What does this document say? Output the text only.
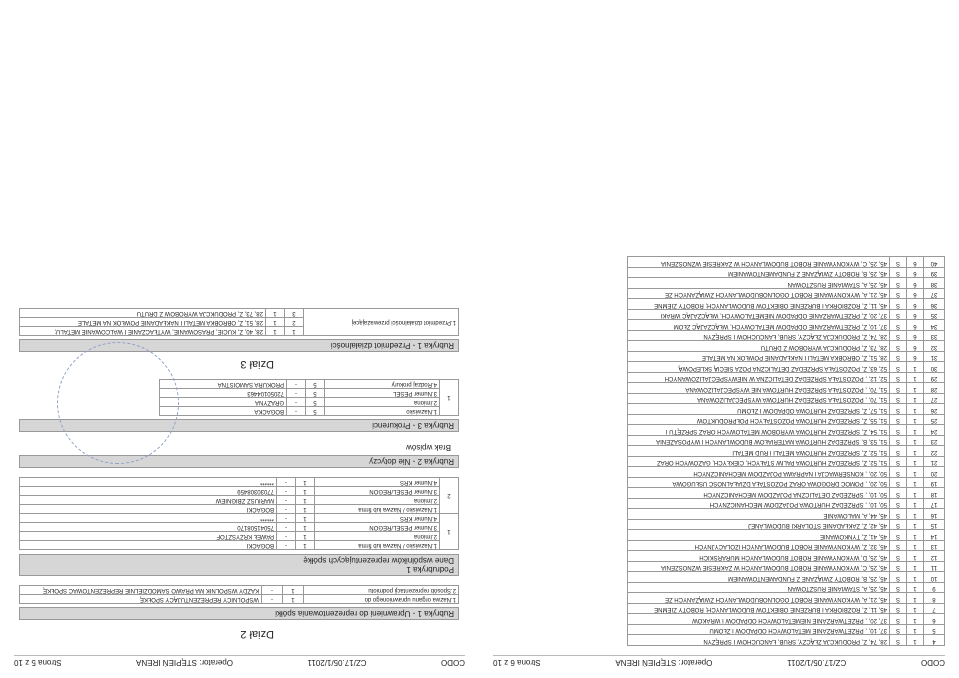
CODO
CZ/17.05/1/2011
Operator: STĘPIEŃ IRENA
Strona 6 z 10
4	1	S	28, 74, Z, PRODUKCJA ZŁĄCZY, ŚRUB, ŁAŃCUCHÓW I SPRĘŻYN
5	1	S	37, 10, , PRZETWARZANIE METALOWYCH ODPADÓW I ZŁOMU
6	1	S	37, 20, , PRZETWARZANIE NIEMETALOWYCH ODPADÓW I WRAKÓW
7	1	S	45, 11, Z, ROZBIÓRKA I BURZENIE OBIEKTÓW BUDOWLANYCH; ROBOTY ZIEMNE
8	1	S	45, 21, A, WYKONYWANIE ROBÓT OGÓLNOBUDOWLANYCH ZWIĄZANYCH ZE
9	1	S	45, 25, A, STAWIANIE RUSZTOWAŃ
10	1	S	45, 25, B, ROBOTY ZWIĄZANE Z FUNDAMENTOWANIEM
11	1	S	45, 25, C, WYKONYWANIE ROBÓT BUDOWLANYCH W ZAKRESIE WZNOSZENIA
12	1	S	45, 25, D, WYKONYWANIE ROBÓT BUDOWLANYCH MURARSKICH
13	1	S	45, 32, Z, WYKONYWANIE ROBÓT BUDOWLANYCH IZOLACYJNYCH
14	1	S	45, 41, Z, TYNKOWANIE
15	1	S	45, 42, Z, ZAKŁADANIE STOLARKI BUDOWLANEJ
16	1	S	45, 44, A, MALOWANIE
17	1	S	50, 10, , SPRZEDAŻ HURTOWA POJAZDÓW MECHANICZNYCH
18	1	S	50, 10, , SPRZEDAŻ DETALICZNA POJAZDÓW MECHANICZNYCH
19	1	S	50, 20, , POMOC DROGOWA ORAZ POZOSTAŁA DZIAŁALNOŚĆ USŁUGOWA
20	1	S	50, 20, , KONSERWACJA I NAPRAWA POJAZDÓW MECHANICZNYCH
21	1	S	51, 52, Z, SPRZEDAŻ HURTOWA PALIW STAŁYCH, CIEKŁYCH, GAZOWYCH ORAZ
22	1	S	51, 52, Z, SPRZEDAŻ HURTOWA METALI I RUD METALI
23	1	S	51, 53, B, SPRZEDAŻ HURTOWA MATERIAŁÓW BUDOWLANYCH I WYPOSAŻENIA
24	1	S	51, 54, Z, SPRZEDAŻ HURTOWA WYROBÓW METALOWYCH ORAZ SPRZĘTU I
25	1	S	51, 55, Z, SPRZEDAŻ HURTOWA POZOSTAŁYCH PÓŁPRODUKTÓW
26	1	S	51, 57, Z, SPRZEDAŻ HURTOWA ODPADÓW I ZŁOMU
27	1	S	51, 70, , POZOSTAŁA SPRZEDAŻ HURTOWA WYSPECJALIZOWANA
28	1	S	51, 70, , POZOSTAŁA SPRZEDAŻ HURTOWA NIE WYSPECJALIZOWANA
29	1	S	52, 12, , POZOSTAŁA SPRZEDAŻ DETALICZNA W NIEWYSPECJALIZOWANYCH
30	1	S	52, 63, Z, POZOSTAŁA SPRZEDAŻ DETALICZNA POZA SIECIĄ SKLEPOWĄ
31	6	S	28, 51, Z, OBRÓBKA METALI I NAKŁADANIE POWŁOK NA METALE
32	6	S	28, 73, Z, PRODUKCJA WYROBÓW Z DRUTU
33	6	S	28, 74, Z, PRODUKCJA ZŁĄCZY, ŚRUB, ŁAŃCUCHÓW I SPRĘŻYN
34	6	S	37, 10, Z, PRZETWARZANIE ODPADÓW METALOWYCH, WŁĄCZAJĄC ZŁOM
35	6	S	37, 20, Z, PRZETWARZANIE ODPADÓW NIEMETALOWYCH, WŁĄCZAJĄC WRAKI
36	6	S	45, 11, Z, ROZBIÓRKA I BURZENIE OBIEKTÓW BUDOWLANYCH; ROBOTY ZIEMNE
37	6	S	45, 21, A, WYKONYWANIE ROBÓT OGÓLNOBUDOWLANYCH ZWIĄZANYCH ZE
38	6	S	45, 25, A, STAWIANIE RUSZTOWAŃ
39	6	S	45, 25, B, ROBOTY ZWIĄZANE Z FUNDAMENTOWANIEM
40	6	S	45, 25, C, WYKONYWANIE ROBÓT BUDOWLANYCH W ZAKRESIE WZNOSZENIA
CODO
CZ/17.05/1/2011
Operator: STĘPIEŃ IRENA
Strona 5 z 10
Dział 2
Rubryka 1 - Uprawnieni do reprezentowania spółki
1.Nazwa organu uprawnionego do	1	-	WSPÓLNICY REPREZENTUJĄCY SPÓŁKĘ
2.Sposób reprezentacji podmiotu	1	-	KAŻDY WSPÓLNIK MA PRAWO SAMODZIELNIE REPREZENTOWAĆ SPÓŁKĘ
Podrubryka 1
Dane wspólników reprezentujących spółkę
1	1.Nazwisko / Nazwa lub firma	1	-	BOGACKI
	2.Imiona	1	-	PAWEŁ KRZYSZTOF
	3.Numer PESEL/REGON	1	-	75041508170
	4.Numer KRS	1	-	******
2	1.Nazwisko / Nazwa lub firma	1	-	BOGACKI
	2.Imiona	1	-	MARIUSZ ZBIGNIEW
	3.Numer PESEL/REGON	1	-	77030308459
	4.Numer KRS	1	-	******
Rubryka 2 - Nie dotyczy
Brak wpisów
Rubryka 3 - Prokurenci
1	1.Nazwisko	5	-	BOGACKA
	2.Imiona	5	-	GRAŻYNA
	3.Numer PESEL	5	-	72050104463
	4.Rodzaj prokury	5	-	PROKURA SAMOISTNA
Dział 3
Rubryka 1 - Przedmiot działalności
1.Przedmiot działalności przeważającej	1	1	28, 40, Z, KUCIE, PRASOWANIE, WYTŁACZANIE I WALCOWANIE METALU;
	2	1	28, 51, Z, OBRÓBKA METALI I NAKŁADANIE POWŁOK NA METALE
	3	1	28, 73, Z, PRODUKCJA WYROBÓW Z DRUTU
